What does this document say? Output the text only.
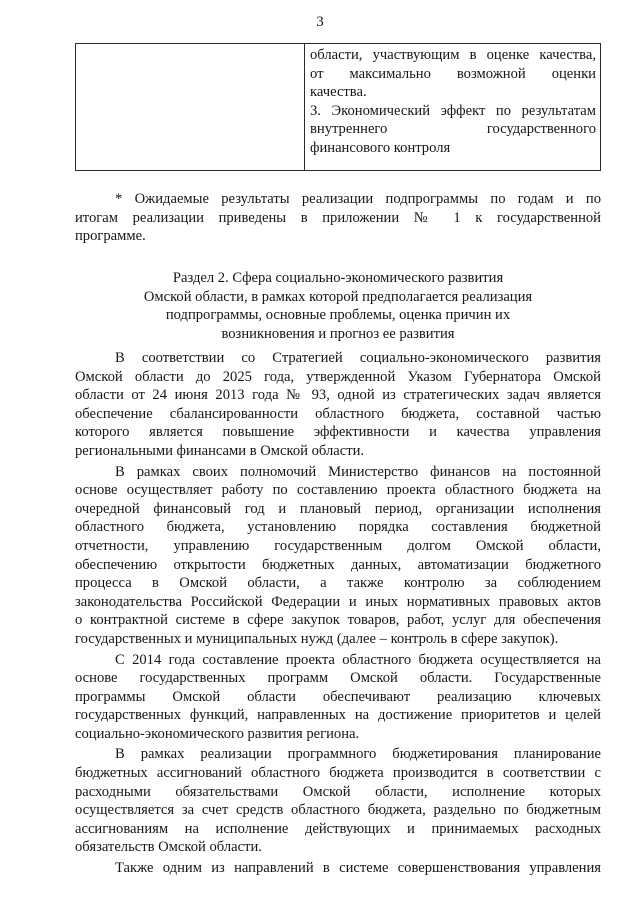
3

области, участвующим в оценке качества,
от максимально возможной оценки
качества.
3. Экономический эффект по результатам
внутреннего государственного
финансового контроля
* Ожидаемые результаты реализации подпрограммы по годам и по
итогам реализации приведены в приложении № 1 к государственной
программе.
Раздел 2. Сфера социально-экономического развития
Омской области, в рамках которой предполагается реализация
подпрограммы, основные проблемы, оценка причин их
возникновения и прогноз ее развития
В соответствии со Стратегией социально-экономического развития
Омской области до 2025 года, утвержденной Указом Губернатора Омской
области от 24 июня 2013 года № 93, одной из стратегических задач является
обеспечение сбалансированности областного бюджета, составной частью
которого является повышение эффективности и качества управления
региональными финансами в Омской области.
В рамках своих полномочий Министерство финансов на постоянной
основе осуществляет работу по составлению проекта областного бюджета на
очередной финансовый год и плановый период, организации исполнения
областного бюджета, установлению порядка составления бюджетной
отчетности, управлению государственным долгом Омской области,
обеспечению открытости бюджетных данных, автоматизации бюджетного
процесса в Омской области, а также контролю за соблюдением
законодательства Российской Федерации и иных нормативных правовых актов
о контрактной системе в сфере закупок товаров, работ, услуг для обеспечения
государственных и муниципальных нужд (далее – контроль в сфере закупок).
С 2014 года составление проекта областного бюджета осуществляется на
основе государственных программ Омской области. Государственные
программы Омской области обеспечивают реализацию ключевых
государственных функций, направленных на достижение приоритетов и целей
социально-экономического развития региона.
В рамках реализации программного бюджетирования планирование
бюджетных ассигнований областного бюджета производится в соответствии с
расходными обязательствами Омской области, исполнение которых
осуществляется за счет средств областного бюджета, раздельно по бюджетным
ассигнованиям на исполнение действующих и принимаемых расходных
обязательств Омской области.
Также одним из направлений в системе совершенствования управления
